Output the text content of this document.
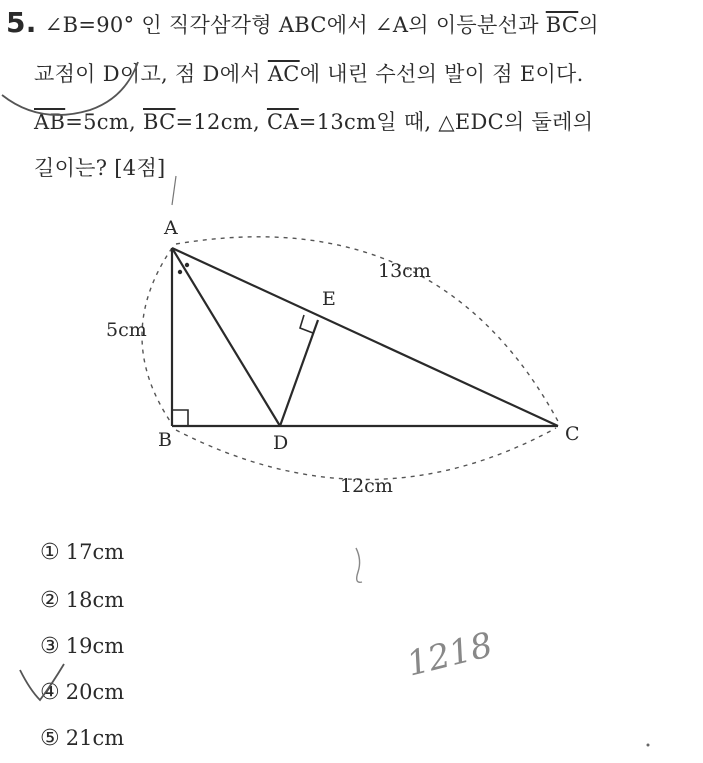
5. ∠B=90° 인 직각삼각형 ABC에서 ∠A의 이등분선과 $\overline{BC}$의
교점이 D이고, 점 D에서 $\overline{AC}$에 내린 수선의 발이 점 E이다.
$\overline{AB}=5cm$, $\overline{BC}=12cm$, $\overline{CA}=13cm$일 때, △EDC의 둘레의
길이는? [4점]
A
B	C
D
E
5cm
13cm
12cm
① 17cm
② 18cm
③ 19cm
④ 20cm
⑤ 21cm
1218
